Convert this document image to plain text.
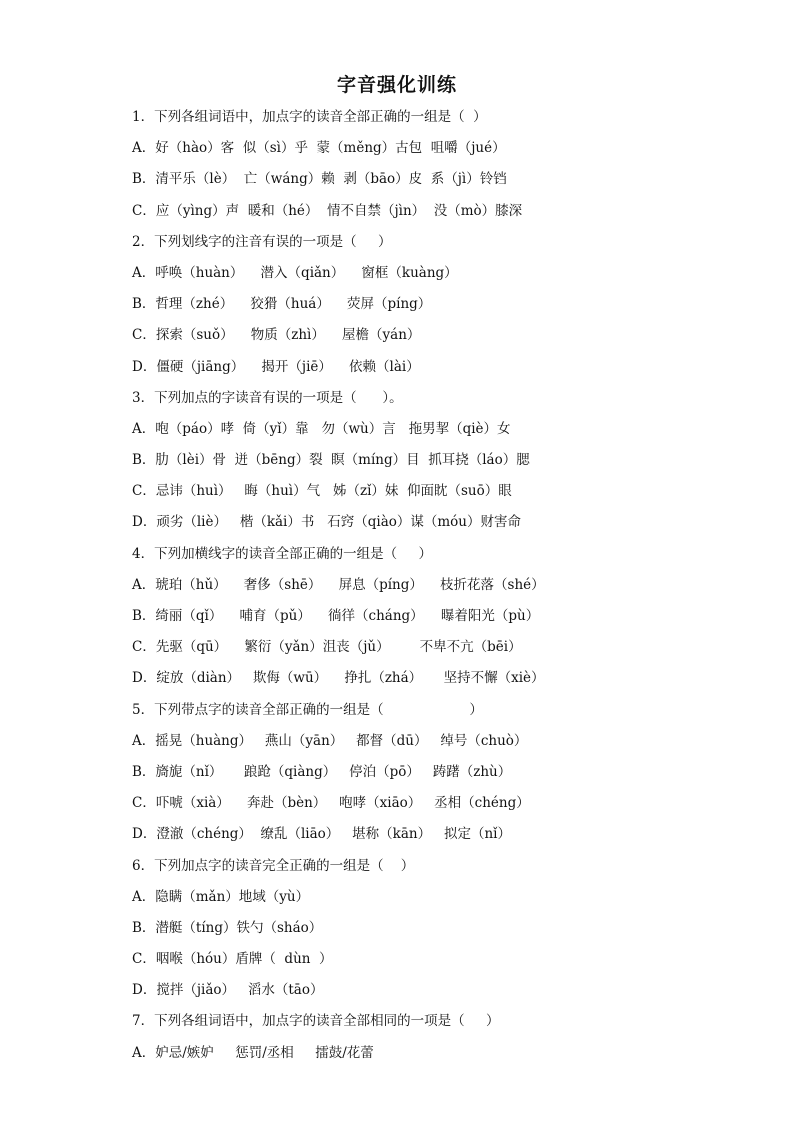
字音强化训练
1．下列各组词语中，加点字的读音全部正确的一组是（  ）
A．好（hào）客  似（sì）乎  蒙（měng）古包  咀嚼（jué）
B．清平乐（lè）  亡（wáng）赖  剥（bāo）皮  系（jì）铃铛
C．应（yìng）声  暖和（hé）  情不自禁（jìn）  没（mò）膝深
2．下列划线字的注音有误的一项是（     ）
A．呼唤（huàn）    潜入（qiǎn）    窗框（kuàng）
B．哲理（zhé）    狡猾（huá）    荧屏（píng）
C．探索（suǒ）    物质（zhì）    屋檐（yán）
D．僵硬（jiāng）    揭开（jiē）    依赖（lài）
3．下列加点的字读音有误的一项是（      ）。
A．咆（páo）哮  倚（yǐ）靠   勿（wù）言   拖男挈（qiè）女
B．肋（lèi）骨  迸（bēng）裂  瞑（míng）目  抓耳挠（láo）腮
C．忌讳（huì）   晦（huì）气   姊（zǐ）妹  仰面眈（suō）眼
D．顽劣（liè）   楷（kǎi）书   石窍（qiào）谋（móu）财害命
4．下列加横线字的读音全部正确的一组是（     ）
A．琥珀（hǔ）    奢侈（shē）    屏息（píng）    枝折花落（shé）
B．绮丽（qǐ）    哺育（pǔ）    徜徉（cháng）    曝着阳光（pù）
C．先驱（qū）    繁衍（yǎn）沮丧（jǔ）       不卑不亢（bēi）
D．绽放（diàn）   欺侮（wū）    挣扎（zhá）     坚持不懈（xiè）
5．下列带点字的读音全部正确的一组是（                    ）
A．摇晃（huàng）   燕山（yān）   都督（dū）   绰号（chuò）
B．旖旎（nǐ）     踉跄（qiàng）   停泊（pō）   踌躇（zhù）
C．吓唬（xià）    奔赴（bèn）   咆哮（xiāo）   丞相（chéng）
D．澄澈（chéng）  缭乱（liāo）   堪称（kān）   拟定（nǐ）
6．下列加点字的读音完全正确的一组是（    ）
A．隐瞒（mǎn）地域（yù）
B．潜艇（tíng）铁勺（sháo）
C．咽喉（hóu）盾牌（  dùn  ）
D．搅拌（jiǎo）   滔水（tāo）
7．下列各组词语中，加点字的读音全部相同的一项是（     ）
A．妒忌/嫉妒     惩罚/丞相     擂鼓/花蕾
